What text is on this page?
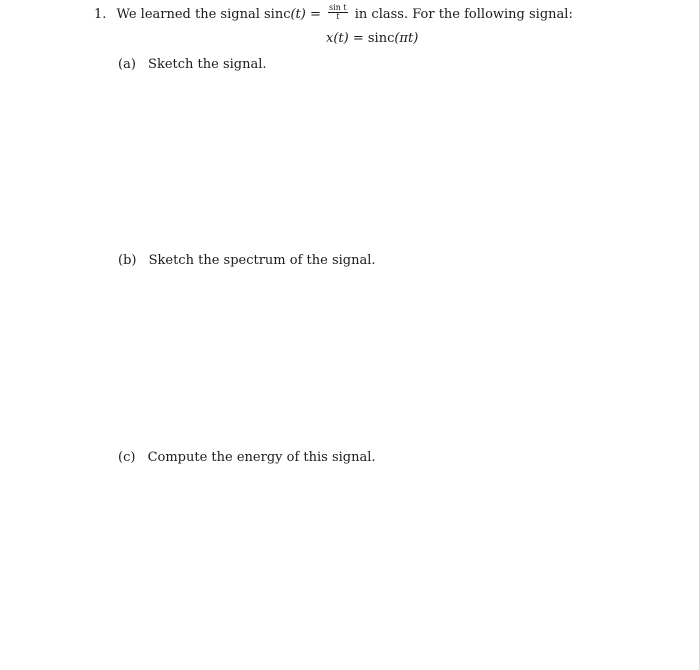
1. We learned the signal $\sin c(t) = \frac{\text{sin t}}{t}$ in class. For the following signal:
x(t) = sinc(πt)
(a) Sketch the signal.
(b) Sketch the spectrum of the signal.
(c) Compute the energy of this signal.
